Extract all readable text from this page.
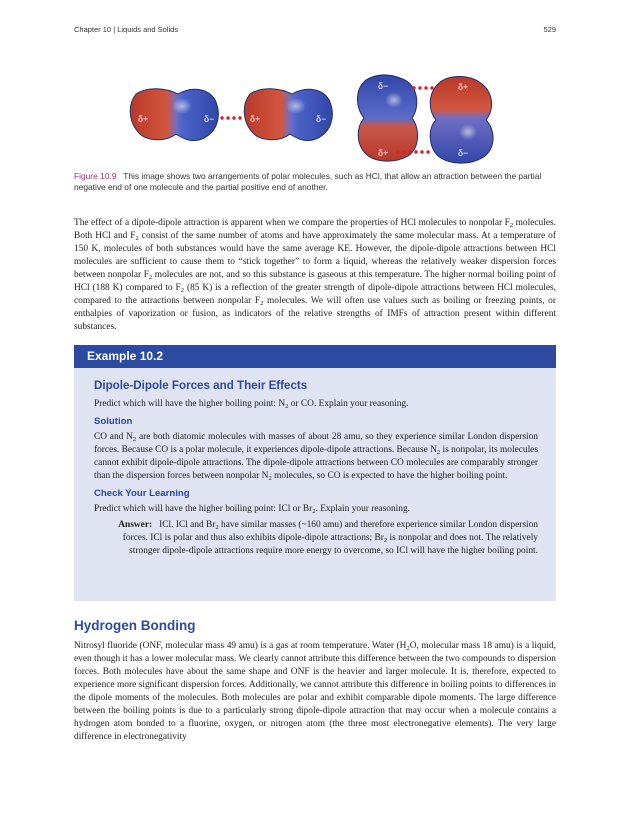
Chapter 10 | Liquids and Solids	529
δ+	δ−	δ+	δ−
δ−
δ+
δ+
δ−
Figure 10.9 This image shows two arrangements of polar molecules, such as HCl, that allow an attraction between the partial negative end of one molecule and the partial positive end of another.

The effect of a dipole-dipole attraction is apparent when we compare the properties of HCl molecules to nonpolar $F_2$ molecules. Both HCl and $F_2$ consist of the same number of atoms and have approximately the same molecular mass. At a temperature of 150 K, molecules of both substances would have the same average KE. However, the dipole-dipole attractions between HCl molecules are sufficient to cause them to “stick together” to form a liquid, whereas the relatively weaker dispersion forces between nonpolar $F_2$ molecules are not, and so this substance is gaseous at this temperature. The higher normal boiling point of HCl (188 K) compared to $F_2$ (85 K) is a reflection of the greater strength of dipole-dipole attractions between HCl molecules, compared to the attractions between nonpolar $F_2$ molecules. We will often use values such as boiling or freezing points, or enthalpies of vaporization or fusion, as indicators of the relative strengths of IMFs of attraction present within different substances.

Example 10.2

Dipole-Dipole Forces and Their Effects

Predict which will have the higher boiling point: $N_2$ or CO. Explain your reasoning.

Solution

CO and $N_2$ are both diatomic molecules with masses of about 28 amu, so they experience similar London dispersion forces. Because CO is a polar molecule, it experiences dipole-dipole attractions. Because $N_2$ is nonpolar, its molecules cannot exhibit dipole-dipole attractions. The dipole-dipole attractions between CO molecules are comparably stronger than the dispersion forces between nonpolar $N_2$ molecules, so CO is expected to have the higher boiling point.

Check Your Learning

Predict which will have the higher boiling point: ICl or $Br_2$. Explain your reasoning.

Answer: ICl. ICl and $Br_2$ have similar masses (~160 amu) and therefore experience similar London dispersion forces. ICl is polar and thus also exhibits dipole-dipole attractions; $Br_2$ is nonpolar and does not. The relatively stronger dipole-dipole attractions require more energy to overcome, so ICl will have the higher boiling point.

Hydrogen Bonding

Nitrosyl fluoride (ONF, molecular mass 49 amu) is a gas at room temperature. Water ($H_2O$, molecular mass 18 amu) is a liquid, even though it has a lower molecular mass. We clearly cannot attribute this difference between the two compounds to dispersion forces. Both molecules have about the same shape and ONF is the heavier and larger molecule. It is, therefore, expected to experience more significant dispersion forces. Additionally, we cannot attribute this difference in boiling points to differences in the dipole moments of the molecules. Both molecules are polar and exhibit comparable dipole moments. The large difference between the boiling points is due to a particularly strong dipole-dipole attraction that may occur when a molecule contains a hydrogen atom bonded to a fluorine, oxygen, or nitrogen atom (the three most electronegative elements). The very large difference in electronegativity
